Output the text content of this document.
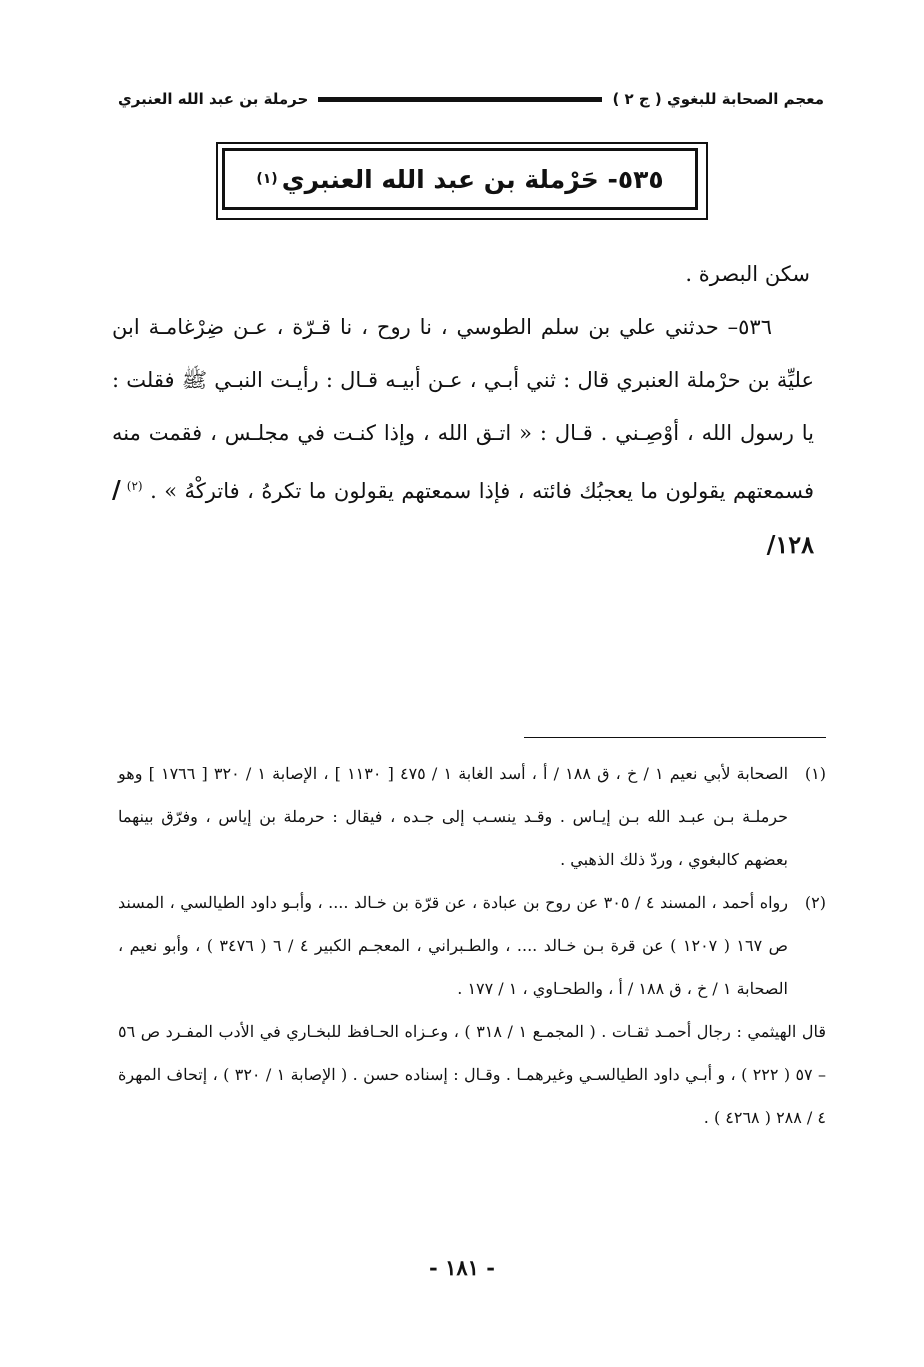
معجم الصحابة للبغوي ( ج ٢ )
حرملة بن عبد الله العنبري
٥٣٥- حَرْملة بن عبد الله العنبري
(١)

سكن البصرة .

٥٣٦– حدثني علي بن سلم الطوسي ، نا روح ، نا قـرّة ، عـن ضِرْغامـة ابن عليِّة بن حرْملة العنبري قال : ثني أبـي ، عـن أبيـه قـال : رأيـت النبـي ﷺ فقلت : يا رسول الله ، أوْصِـني . قـال : « اتـق الله ، وإذا كنـت في مجلـس ، فقمت منه فسمعتهم يقولون ما يعجبُك فائته ، فإذا سمعتهم يقولون ما تكرهُ ، فاتركْهُ » . $^{(٢)}$/١٢٨/

(١)
الصحابة لأبي نعيم ١ / خ ، ق ١٨٨ / أ ، أسد الغابة ١ / ٤٧٥ [ ١١٣٠ ] ، الإصابة ١ / ٣٢٠ [ ١٧٦٦ ] وهو حرملـة بـن عبـد الله بـن إيـاس . وقـد ينسـب إلى جـده ، فيقال : حرملة بن إياس ، وفرّق بينهما بعضهم كالبغوي ، وردّ ذلك الذهبي .
(٢)
رواه أحمد ، المسند ٤ / ٣٠٥ عن روح بن عبادة ، عن قرّة بن خـالد .... ، وأبـو داود الطيالسي ، المسند ص ١٦٧ ( ١٢٠٧ ) عن قرة بـن خـالد .... ، والطـبراني ، المعجـم الكبير ٤ / ٦ ( ٣٤٧٦ ) ، وأبو نعيم ، الصحابة ١ / خ ، ق ١٨٨ / أ ، والطحـاوي ، ١ / ١٧٧ .

قال الهيثمي : رجال أحمـد ثقـات . ( المجمـع ١ / ٣١٨ ) ، وعـزاه الحـافظ للبخـاري في الأدب المفـرد ص ٥٦ – ٥٧ ( ٢٢٢ ) ، و أبـي داود الطيالسـي وغيرهمـا . وقـال : إسناده حسن . ( الإصابة ١ / ٣٢٠ ) ، إتحاف المهرة ٤ / ٢٨٨ ( ٤٢٦٨ ) .

- ١٨١ -
